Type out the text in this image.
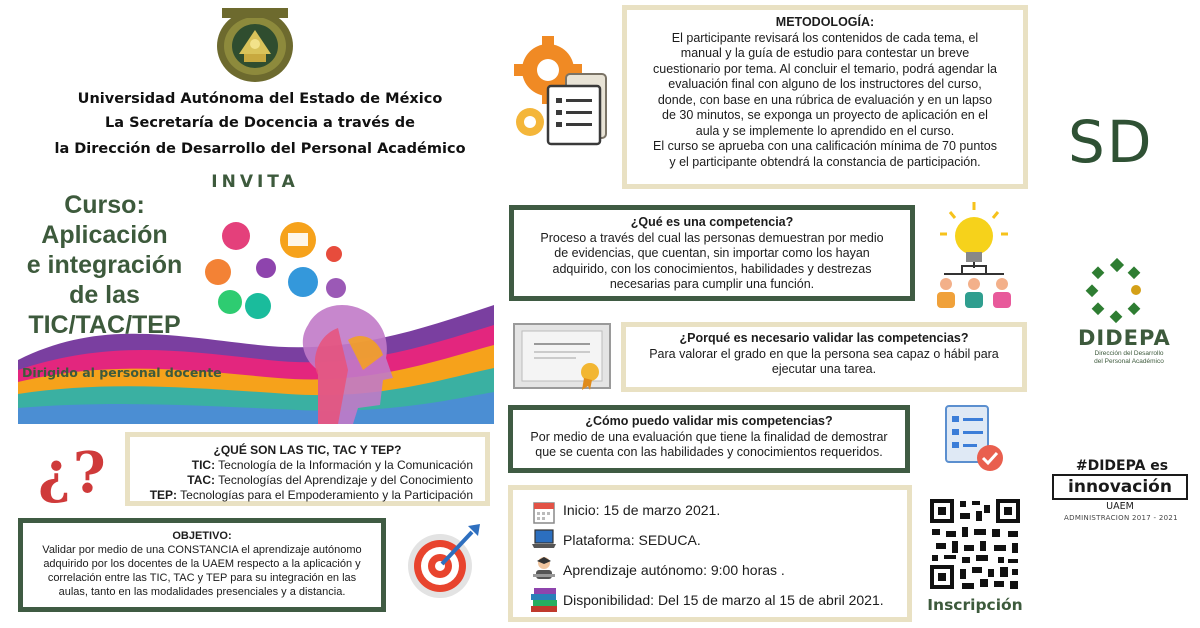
Universidad Autónoma del Estado de México
La Secretaría de Docencia a través de
la Dirección de Desarrollo del Personal Académico
INVITA
Curso:
Aplicación
e integración
de las
TIC/TAC/TEP
Dirigido al personal docente
¿?	¿QUÉ SON LAS TIC, TAC Y TEP?
TIC: Tecnología de la Información y la Comunicación
TAC: Tecnologías del Aprendizaje y del Conocimiento
TEP: Tecnologías para el Empoderamiento y la Participación
OBJETIVO:
Validar por medio de una CONSTANCIA el aprendizaje autónomo
adquirido por los docentes de la UAEM respecto a la aplicación y
correlación entre las TIC, TAC y TEP para su integración en las
aulas, tanto en las modalidades presenciales y a distancia.
METODOLOGÍA:
El participante revisará los contenidos de cada tema, el
manual y la guía de estudio para contestar un breve
cuestionario por tema. Al concluir el temario, podrá agendar la
evaluación final con alguno de los instructores del curso,
donde, con base en una rúbrica de evaluación y en un lapso
de 30 minutos, se exponga un proyecto de aplicación en el
aula y se implemente lo aprendido en el curso.
El curso se aprueba con una calificación mínima de 70 puntos
y el participante obtendrá la constancia de participación.
¿Qué es una competencia?
Proceso a través del cual las personas demuestran por medio
de evidencias, que cuentan, sin importar como los hayan
adquirido, con los conocimientos, habilidades y destrezas
necesarias para cumplir una función.
¿Porqué es necesario validar las competencias?
Para valorar el grado en que la persona sea capaz o hábil para
ejecutar una tarea.
¿Cómo puedo validar mis competencias?
Por medio de una evaluación que tiene la finalidad de demostrar
que se cuenta con las habilidades y conocimientos requeridos.
Inicio: 15 de marzo 2021.
Plataforma: SEDUCA.
Aprendizaje autónomo: 9:00 horas .
Disponibilidad: Del 15 de marzo al 15 de abril 2021.	Inscripción
SD
DIDEPA
Dirección del Desarrollo
del Personal Académico
#DIDEPA es
innovación
UAEM
ADMINISTRACION 2017 - 2021
